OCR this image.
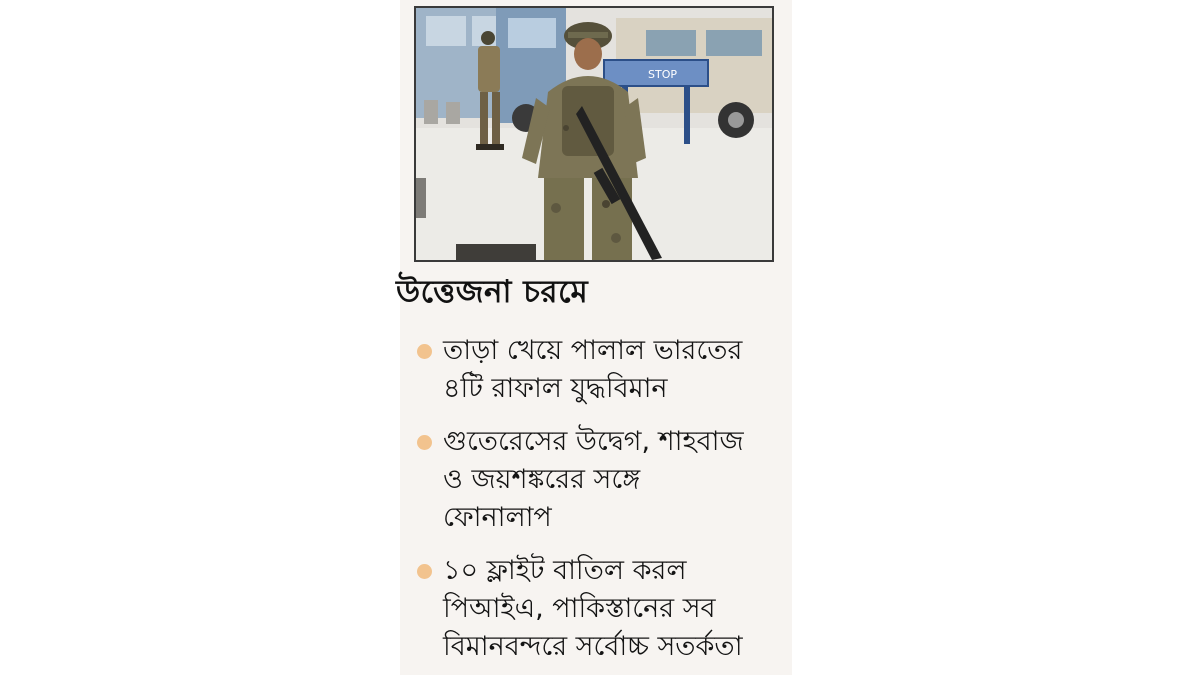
STOP
উত্তেজনা চরমে
তাড়া খেয়ে পালাল ভারতের
৪টি রাফাল যুদ্ধবিমান
গুতেরেসের উদ্বেগ, শাহবাজ
ও জয়শঙ্করের সঙ্গে
ফোনালাপ
১০ ফ্লাইট বাতিল করল
পিআইএ, পাকিস্তানের সব
বিমানবন্দরে সর্বোচ্চ সতর্কতা
